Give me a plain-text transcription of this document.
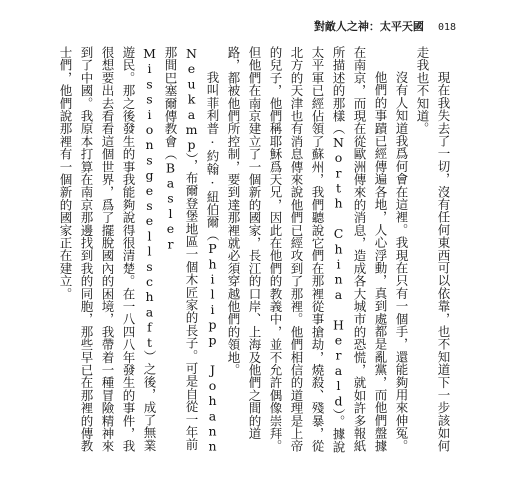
對敵人之神：太平天國 018

現在我失去了一切，沒有任何東西可以依靠，也不知道下一步該如何走我也不知道。

沒有人知道我爲何會在這裡。我現在只有一個手，還能夠用來伸冤。

他們的事蹟已經傳遍各地，人心浮動，真到處都是亂黨，而他們盤據在南京，而現在從歐洲傳來的消息，造成各大城市的恐慌，就如許多報紙所描述的那樣（North China Herald）。據說太平軍已經佔領了蘇州，我們聽說它們在那裡從事搶劫，燒殺、殘暴，從北方的天津也有消息傳來說他們已經攻到了那裡。他們相信的道理是上帝的兒子，他們稱耶穌爲天兄，因此在他們的教義中，並不允許偶像崇拜。但他們在南京建立了一個新的國家，長江的口岸、上海及他們之間的道路，都被他們所控制，要到達那裡就必須穿越他們的領地。

我叫菲利普·約翰·紐伯爾（Philipp Johann Neukamp），布爾登堡地區一個木匠家的長子。可是自從一年前那間巴塞爾傳教會（Basler Missionsgesellschaft）之後，成了無業遊民。那之後發生的事我能夠說得很清楚。在一八四八年發生的事件，我很想要出去看看這個世界，爲了擺脫國內的困境，我帶着一種冒險精神來到了中國。我原本打算在南京那邊找到我的同胞，那些早已在那裡的傳教士們，他們說那裡有一個新的國家正在建立。
